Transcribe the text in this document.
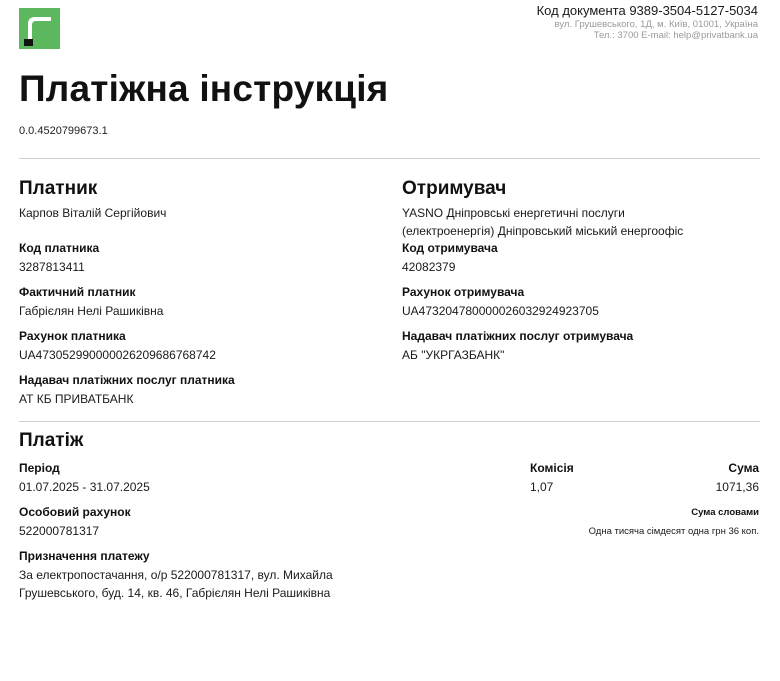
Код документа 9389-3504-5127-5034
вул. Грушевського, 1Д, м. Київ, 01001, Україна
Тел.: 3700 E-mail: help@privatbank.ua
Платіжна інструкція
0.0.4520799673.1
Платник
Карпов Віталій Сергійович
Код платника
3287813411
Фактичний платник
Габрієлян Нелі Рашиківна
Рахунок платника
UA473052990000026209686768742
Надавач платіжних послуг платника
АТ КБ ПРИВАТБАНК
Отримувач
YASNO Дніпровські енергетичні послуги
(електроенергія) Дніпровський міський енергоофіс
Код отримувача
42082379
Рахунок отримувача
UA473204780000026032924923705
Надавач платіжних послуг отримувача
АБ "УКРГАЗБАНК"
Платіж
Період
01.07.2025 - 31.07.2025
Комісія
1,07
Сума
1071,36
Особовий рахунок
522000781317
Сума словами
Одна тисяча сімдесят одна грн 36 коп.
Призначення платежу
За електропостачання, о/р 522000781317, вул. Михайла
Грушевського, буд. 14, кв. 46, Габрієлян Нелі Рашиківна
